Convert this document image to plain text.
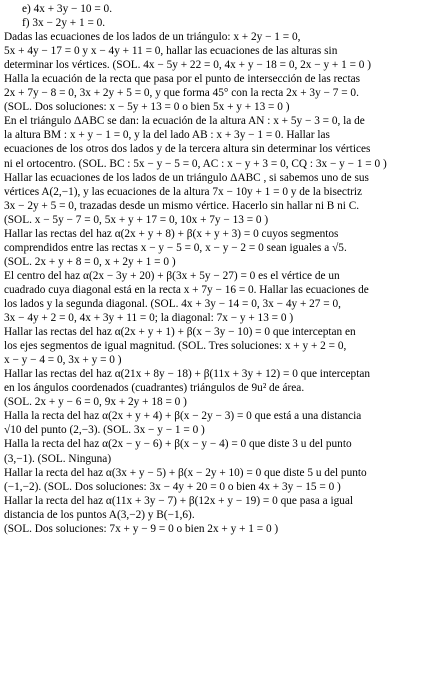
e) 4x + 3y − 10 = 0.
f) 3x − 2y + 1 = 0.
Dadas las ecuaciones de los lados de un triángulo: x + 2y − 1 = 0,
5x + 4y − 17 = 0 y x − 4y + 11 = 0, hallar las ecuaciones de las alturas sin
determinar los vértices. (SOL. 4x − 5y + 22 = 0, 4x + y − 18 = 0, 2x − y + 1 = 0 )
Halla la ecuación de la recta que pasa por el punto de intersección de las rectas
2x + 7y − 8 = 0, 3x + 2y + 5 = 0, y que forma 45° con la recta 2x + 3y − 7 = 0.
(SOL. Dos soluciones: x − 5y + 13 = 0 o bien 5x + y + 13 = 0 )
En el triángulo ΔABC se dan: la ecuación de la altura AN : x + 5y − 3 = 0, la de
la altura BM : x + y − 1 = 0, y la del lado AB : x + 3y − 1 = 0. Hallar las
ecuaciones de los otros dos lados y de la tercera altura sin determinar los vértices
ni el ortocentro. (SOL. BC : 5x − y − 5 = 0, AC : x − y + 3 = 0, CQ : 3x − y − 1 = 0 )
Hallar las ecuaciones de los lados de un triángulo ΔABC , si sabemos uno de sus
vértices A(2,−1), y las ecuaciones de la altura 7x − 10y + 1 = 0 y de la bisectriz
3x − 2y + 5 = 0, trazadas desde un mismo vértice. Hacerlo sin hallar ni B ni C.
(SOL. x − 5y − 7 = 0, 5x + y + 17 = 0, 10x + 7y − 13 = 0 )
Hallar las rectas del haz α(2x + y + 8) + β(x + y + 3) = 0 cuyos segmentos
comprendidos entre las rectas x − y − 5 = 0, x − y − 2 = 0 sean iguales a √5.
(SOL. 2x + y + 8 = 0, x + 2y + 1 = 0 )
El centro del haz α(2x − 3y + 20) + β(3x + 5y − 27) = 0 es el vértice de un
cuadrado cuya diagonal está en la recta x + 7y − 16 = 0. Hallar las ecuaciones de
los lados y la segunda diagonal. (SOL. 4x + 3y − 14 = 0, 3x − 4y + 27 = 0,
3x − 4y + 2 = 0, 4x + 3y + 11 = 0; la diagonal: 7x − y + 13 = 0 )
Hallar las rectas del haz α(2x + y + 1) + β(x − 3y − 10) = 0 que interceptan en
los ejes segmentos de igual magnitud. (SOL. Tres soluciones: x + y + 2 = 0,
x − y − 4 = 0, 3x + y = 0 )
Hallar las rectas del haz α(21x + 8y − 18) + β(11x + 3y + 12) = 0 que interceptan
en los ángulos coordenados (cuadrantes) triángulos de 9u² de área.
(SOL. 2x + y − 6 = 0, 9x + 2y + 18 = 0 )
Halla la recta del haz α(2x + y + 4) + β(x − 2y − 3) = 0 que está a una distancia
√10 del punto (2,−3). (SOL. 3x − y − 1 = 0 )
Halla la recta del haz α(2x − y − 6) + β(x − y − 4) = 0 que diste 3 u del punto
(3,−1). (SOL. Ninguna)
Hallar la recta del haz α(3x + y − 5) + β(x − 2y + 10) = 0 que diste 5 u del punto
(−1,−2). (SOL. Dos soluciones: 3x − 4y + 20 = 0 o bien 4x + 3y − 15 = 0 )
Hallar la recta del haz α(11x + 3y − 7) + β(12x + y − 19) = 0 que pasa a igual
distancia de los puntos A(3,−2) y B(−1,6).
(SOL. Dos soluciones: 7x + y − 9 = 0 o bien 2x + y + 1 = 0 )
